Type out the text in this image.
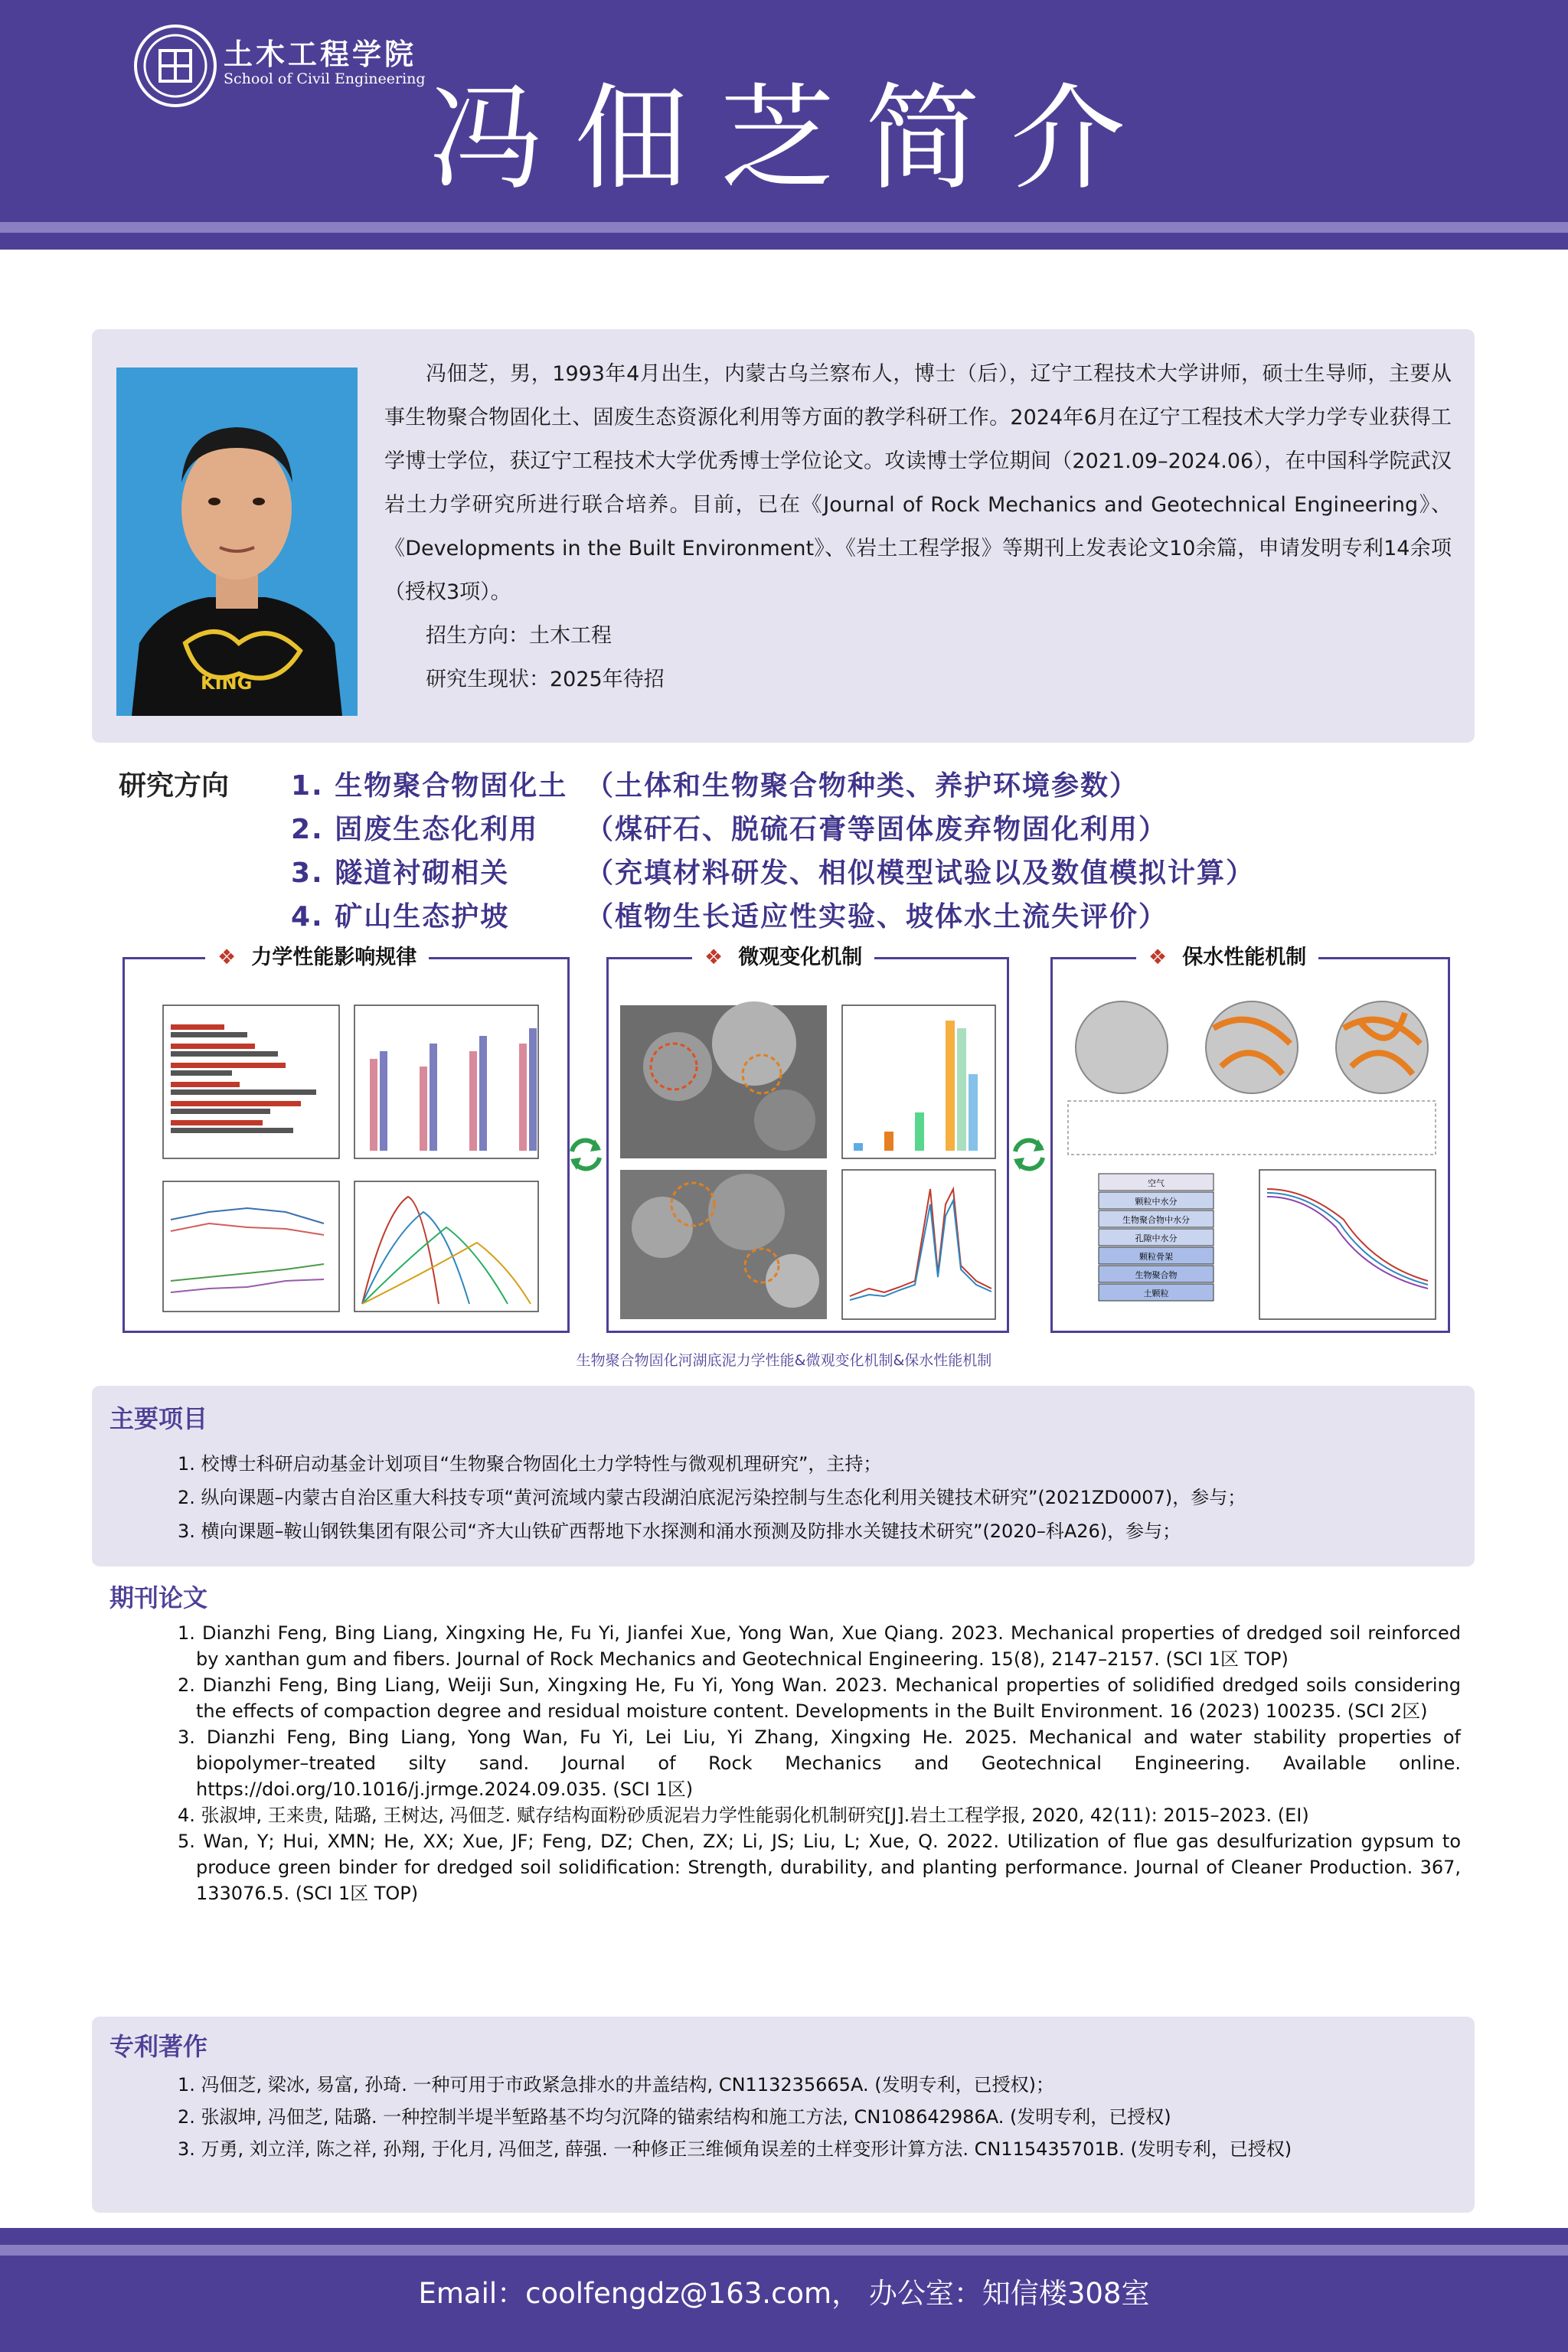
土木工程学院
School of Civil Engineering 冯佃芝简介
KING

冯佃芝，男，1993年4月出生，内蒙古乌兰察布人，博士（后），辽宁工程技术大学讲师，硕士生导师，主要从事生物聚合物固化土、固废生态资源化利用等方面的教学科研工作。2024年6月在辽宁工程技术大学力学专业获得工学博士学位，获辽宁工程技术大学优秀博士学位论文。攻读博士学位期间（2021.09–2024.06），在中国科学院武汉岩土力学研究所进行联合培养。目前，已在《Journal of Rock Mechanics and Geotechnical Engineering》、《Developments in the Built Environment》、《岩土工程学报》等期刊上发表论文10余篇，申请发明专利14余项（授权3项）。

招生方向：土木工程

研究生现状：2025年待招

研究方向 1. 生物聚合物固化土 （土体和生物聚合物种类、养护环境参数）
2. 固废生态化利用 （煤矸石、脱硫石膏等固体废弃物固化利用）
3. 隧道衬砌相关	（充填材料研发、相似模型试验以及数值模拟计算）
4. 矿山生态护坡	（植物生长适应性实验、坡体水土流失评价）
❖ 力学性能影响规律	❖ 微观变化机制
空气
颗粒中水分
生物聚合物中水分
孔隙中水分
颗粒骨架
生物聚合物
土颗粒
❖ 保水性能机制
生物聚合物固化河湖底泥力学性能&微观变化机制&保水性能机制
主要项目
1. 校博士科研启动基金计划项目“生物聚合物固化土力学特性与微观机理研究”，主持；
2. 纵向课题–内蒙古自治区重大科技专项“黄河流域内蒙古段湖泊底泥污染控制与生态化利用关键技术研究”(2021ZD0007)，参与；
3. 横向课题–鞍山钢铁集团有限公司“齐大山铁矿西帮地下水探测和涌水预测及防排水关键技术研究”(2020–科A26)，参与；
期刊论文
1. Dianzhi Feng, Bing Liang, Xingxing He, Fu Yi, Jianfei Xue, Yong Wan, Xue Qiang. 2023. Mechanical properties of dredged soil reinforced by xanthan gum and fibers. Journal of Rock Mechanics and Geotechnical Engineering. 15(8), 2147–2157. (SCI 1区 TOP)
2. Dianzhi Feng, Bing Liang, Weiji Sun, Xingxing He, Fu Yi, Yong Wan. 2023. Mechanical properties of solidified dredged soils considering the effects of compaction degree and residual moisture content. Developments in the Built Environment. 16 (2023) 100235. (SCI 2区)
3. Dianzhi Feng, Bing Liang, Yong Wan, Fu Yi, Lei Liu, Yi Zhang, Xingxing He. 2025. Mechanical and water stability properties of biopolymer–treated silty sand. Journal of Rock Mechanics and Geotechnical Engineering. Available online. https://doi.org/10.1016/j.jrmge.2024.09.035. (SCI 1区)
4. 张淑坤, 王来贵, 陆璐, 王树达, 冯佃芝. 赋存结构面粉砂质泥岩力学性能弱化机制研究[J].岩土工程学报, 2020, 42(11): 2015–2023. (EI)
5. Wan, Y; Hui, XMN; He, XX; Xue, JF; Feng, DZ; Chen, ZX; Li, JS; Liu, L; Xue, Q. 2022. Utilization of flue gas desulfurization gypsum to produce green binder for dredged soil solidification: Strength, durability, and planting performance. Journal of Cleaner Production. 367, 133076.5. (SCI 1区 TOP)
专利著作
1. 冯佃芝, 梁冰, 易富, 孙琦. 一种可用于市政紧急排水的井盖结构, CN113235665A. (发明专利，已授权)；
2. 张淑坤, 冯佃芝, 陆璐. 一种控制半堤半堑路基不均匀沉降的锚索结构和施工方法, CN108642986A. (发明专利，已授权)
3. 万勇, 刘立洋, 陈之祥, 孙翔, 于化月, 冯佃芝, 薛强. 一种修正三维倾角误差的土样变形计算方法. CN115435701B. (发明专利，已授权)
Email：coolfengdz@163.com， 办公室：知信楼308室
